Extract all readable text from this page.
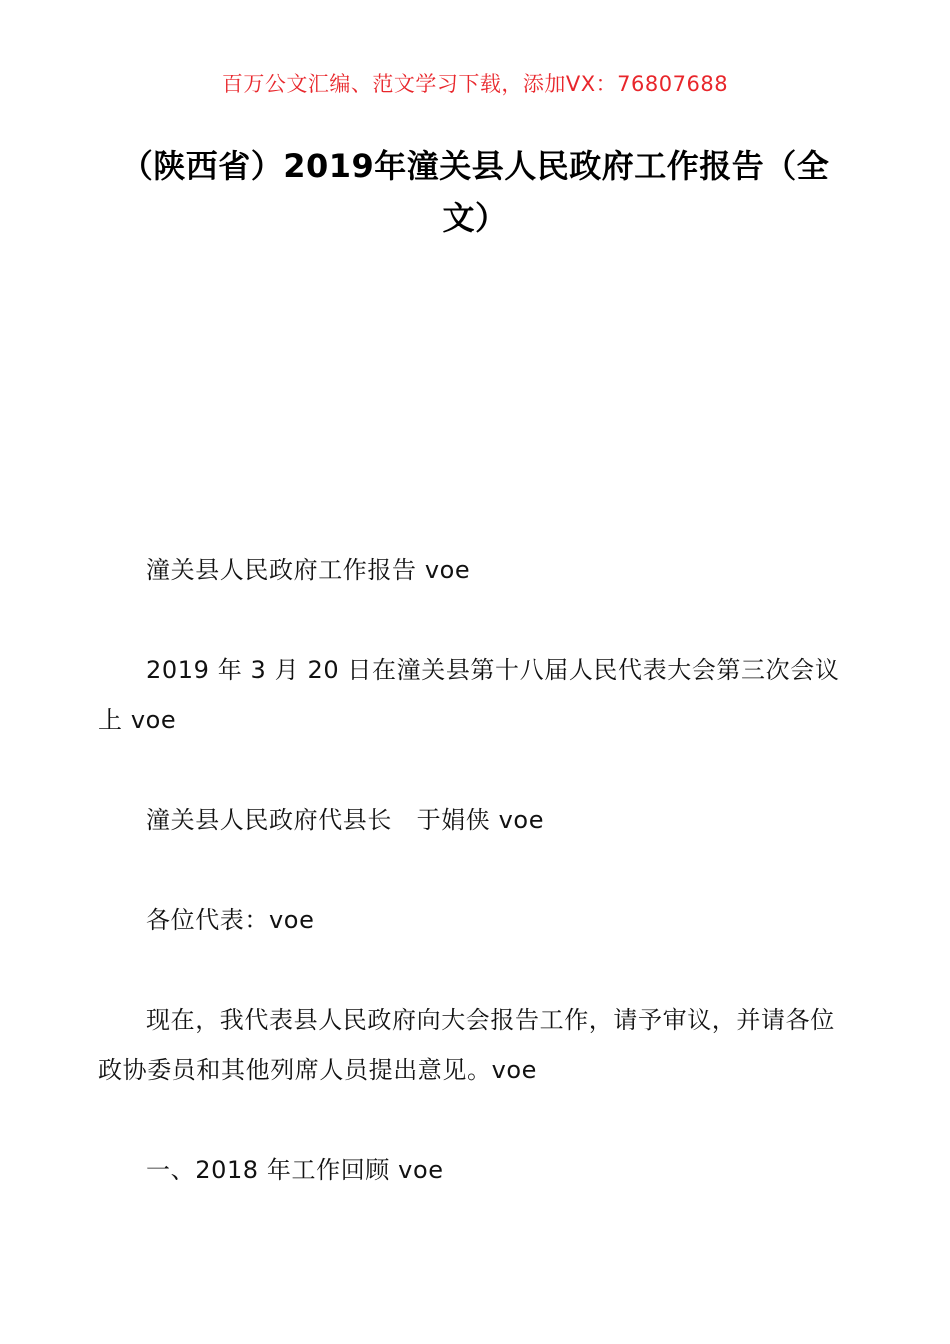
百万公文汇编、范文学习下载，添加VX：76807688
（陕西省）2019年潼关县人民政府工作报告（全文）

潼关县人民政府工作报告 voe

2019 年 3 月 20 日在潼关县第十八届人民代表大会第三次会议上 voe

潼关县人民政府代县长　于娟侠 voe

各位代表：voe

现在，我代表县人民政府向大会报告工作，请予审议，并请各位政协委员和其他列席人员提出意见。voe

一、2018 年工作回顾 voe
